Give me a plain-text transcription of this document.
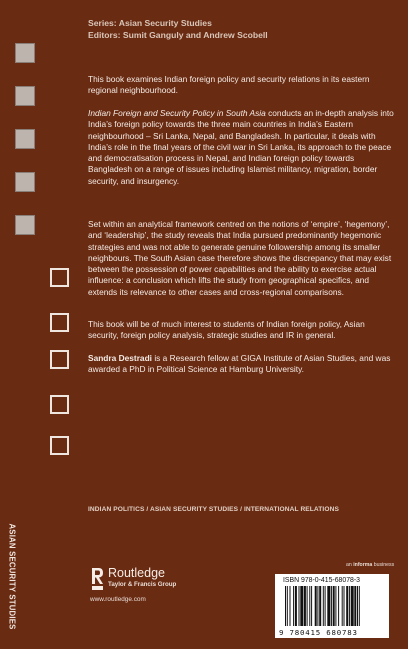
Series: Asian Security Studies
Editors: Sumit Ganguly and Andrew Scobell

This book examines Indian foreign policy and security relations in its eastern regional neighbourhood.

Indian Foreign and Security Policy in South Asia conducts an in-depth analysis into India’s foreign policy towards the three main countries in India’s Eastern neighbourhood – Sri Lanka, Nepal, and Bangladesh. In particular, it deals with India’s role in the final years of the civil war in Sri Lanka, its approach to the peace and democratisation process in Nepal, and Indian foreign policy towards Bangladesh on a range of issues including Islamist militancy, migration, border security, and insurgency.

Set within an analytical framework centred on the notions of ‘empire’, ‘hegemony’, and ‘leadership’, the study reveals that India pursued predominantly hegemonic strategies and was not able to generate genuine followership among its smaller neighbours. The South Asian case therefore shows the discrepancy that may exist between the possession of power capabilities and the ability to exercise actual influence: a conclusion which lifts the study from geographical specifics, and extends its relevance to other cases and cross-regional comparisons.

This book will be of much interest to students of Indian foreign policy, Asian security, foreign policy analysis, strategic studies and IR in general.

Sandra Destradi is a Research fellow at GIGA Institute of Asian Studies, and was awarded a PhD in Political Science at Hamburg University.

ASIAN SECURITY STUDIES
INDIAN POLITICS / ASIAN SECURITY STUDIES / INTERNATIONAL RELATIONS
Routledge
Taylor & Francis Group
www.routledge.com
an informa business
ISBN 978-0-415-68078-3
9 780415 680783
